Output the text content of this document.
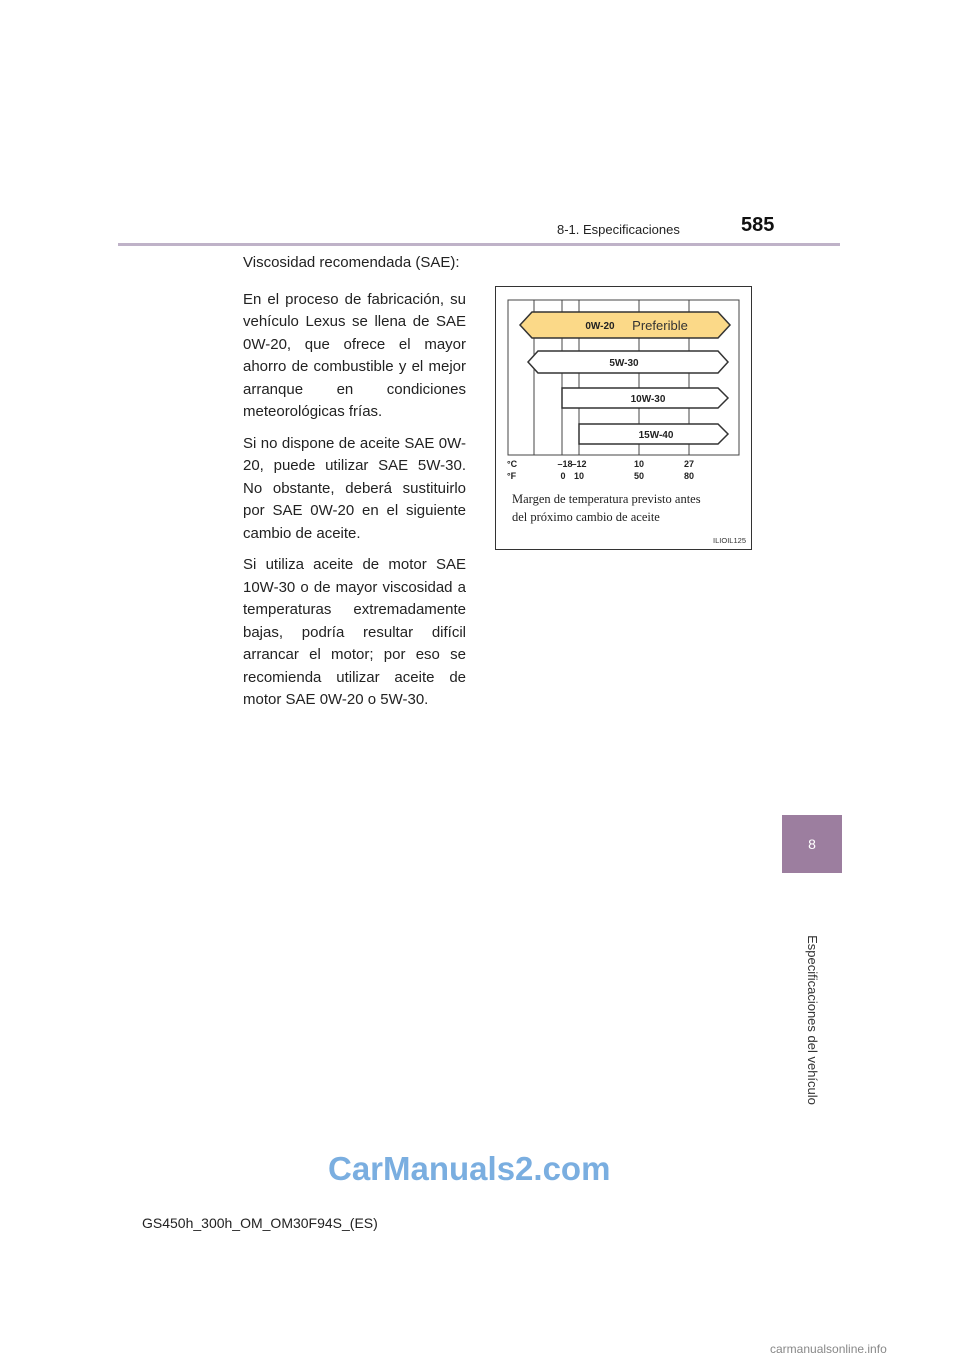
8-1. Especificaciones	585
8
Especificaciones del vehículo

Viscosidad recomendada (SAE):

En el proceso de fabricación, su vehículo Lexus se llena de SAE 0W-20, que ofrece el mayor ahorro de combustible y el mejor arranque en condiciones meteorológicas frías.

Si no dispone de aceite SAE 0W-20, puede utilizar SAE 5W-30. No obstante, deberá sustituirlo por SAE 0W-20 en el siguiente cambio de aceite.

Si utiliza aceite de motor SAE 10W-30 o de mayor viscosidad a temperaturas extremadamente bajas, podría resultar difícil arrancar el motor; por eso se recomienda utilizar aceite de motor SAE 0W-20 o 5W-30.

0W-20 Preferible
5W-30
10W-30
15W-40
°C
°F
–18
–12	10	27
0 10	50	80
Margen de temperatura previsto antes
del próximo cambio de aceite
ILIOIL125
GS450h_300h_OM_OM30F94S_(ES)
CarManuals2.com
carmanualsonline.info
